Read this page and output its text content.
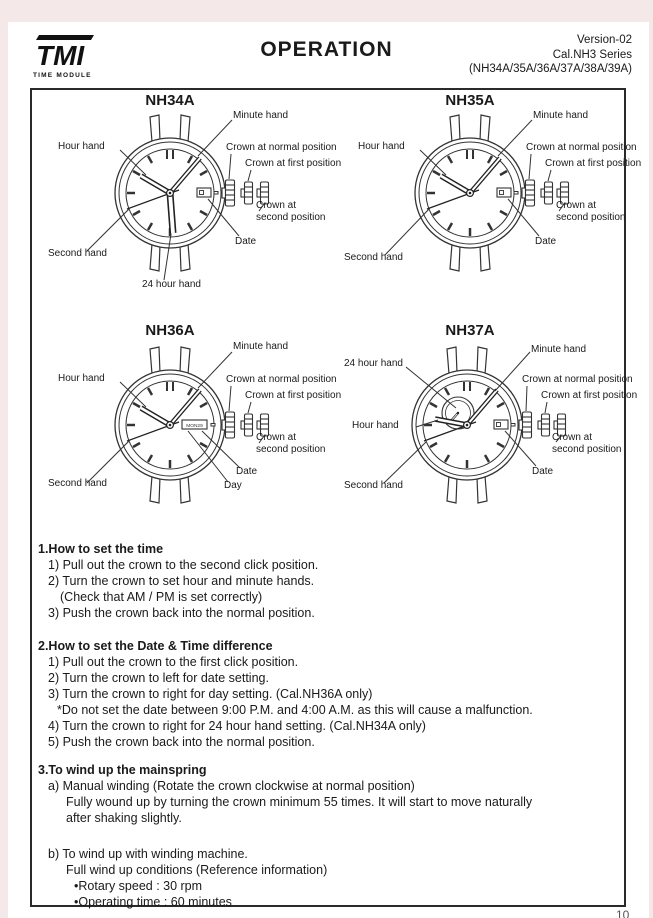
TMI
TIME MODULE
OPERATION	Version-02
Cal.NH3 Series
(NH34A/35A/36A/37A/38A/39A)
NH34A
Minute hand
Hour hand	Crown at normal position
Crown at first position
Crown at
second position
Date
Second hand
24 hour hand
NH35A
Minute hand
Hour hand	Crown at normal position
Crown at first position
Crown at
second position
Date
Second hand
MON29
NH36A
Minute hand
Hour hand	Crown at normal position
Crown at first position
Crown at
second position
Date
Day
Second hand
NH37A
24 hour hand
Minute hand
Crown at normal position
Crown at first position
Hour hand
Crown at
second position
Date
Second hand
1.How to set the time
1) Pull out the crown to the second click position.
2) Turn the crown to set hour and minute hands.
(Check that AM / PM is set correctly)
3) Push the crown back into the normal position.
2.How to set the Date & Time difference
1) Pull out the crown to the first click position.
2) Turn the crown to left for date setting.
3) Turn the crown to right for day setting. (Cal.NH36A only)
*Do not set the date between 9:00 P.M. and 4:00 A.M. as this will cause a malfunction.
4) Turn the crown to right for 24 hour hand setting. (Cal.NH34A only)
5) Push the crown back into the normal position.
3.To wind up the mainspring
a) Manual winding (Rotate the crown clockwise at normal position)
Fully wound up by turning the crown minimum 55 times. It will start to move naturally
after shaking slightly.
b) To wind up with winding machine.
Full wind up conditions (Reference information)
•Rotary speed : 30 rpm
•Operating time : 60 minutes
10
